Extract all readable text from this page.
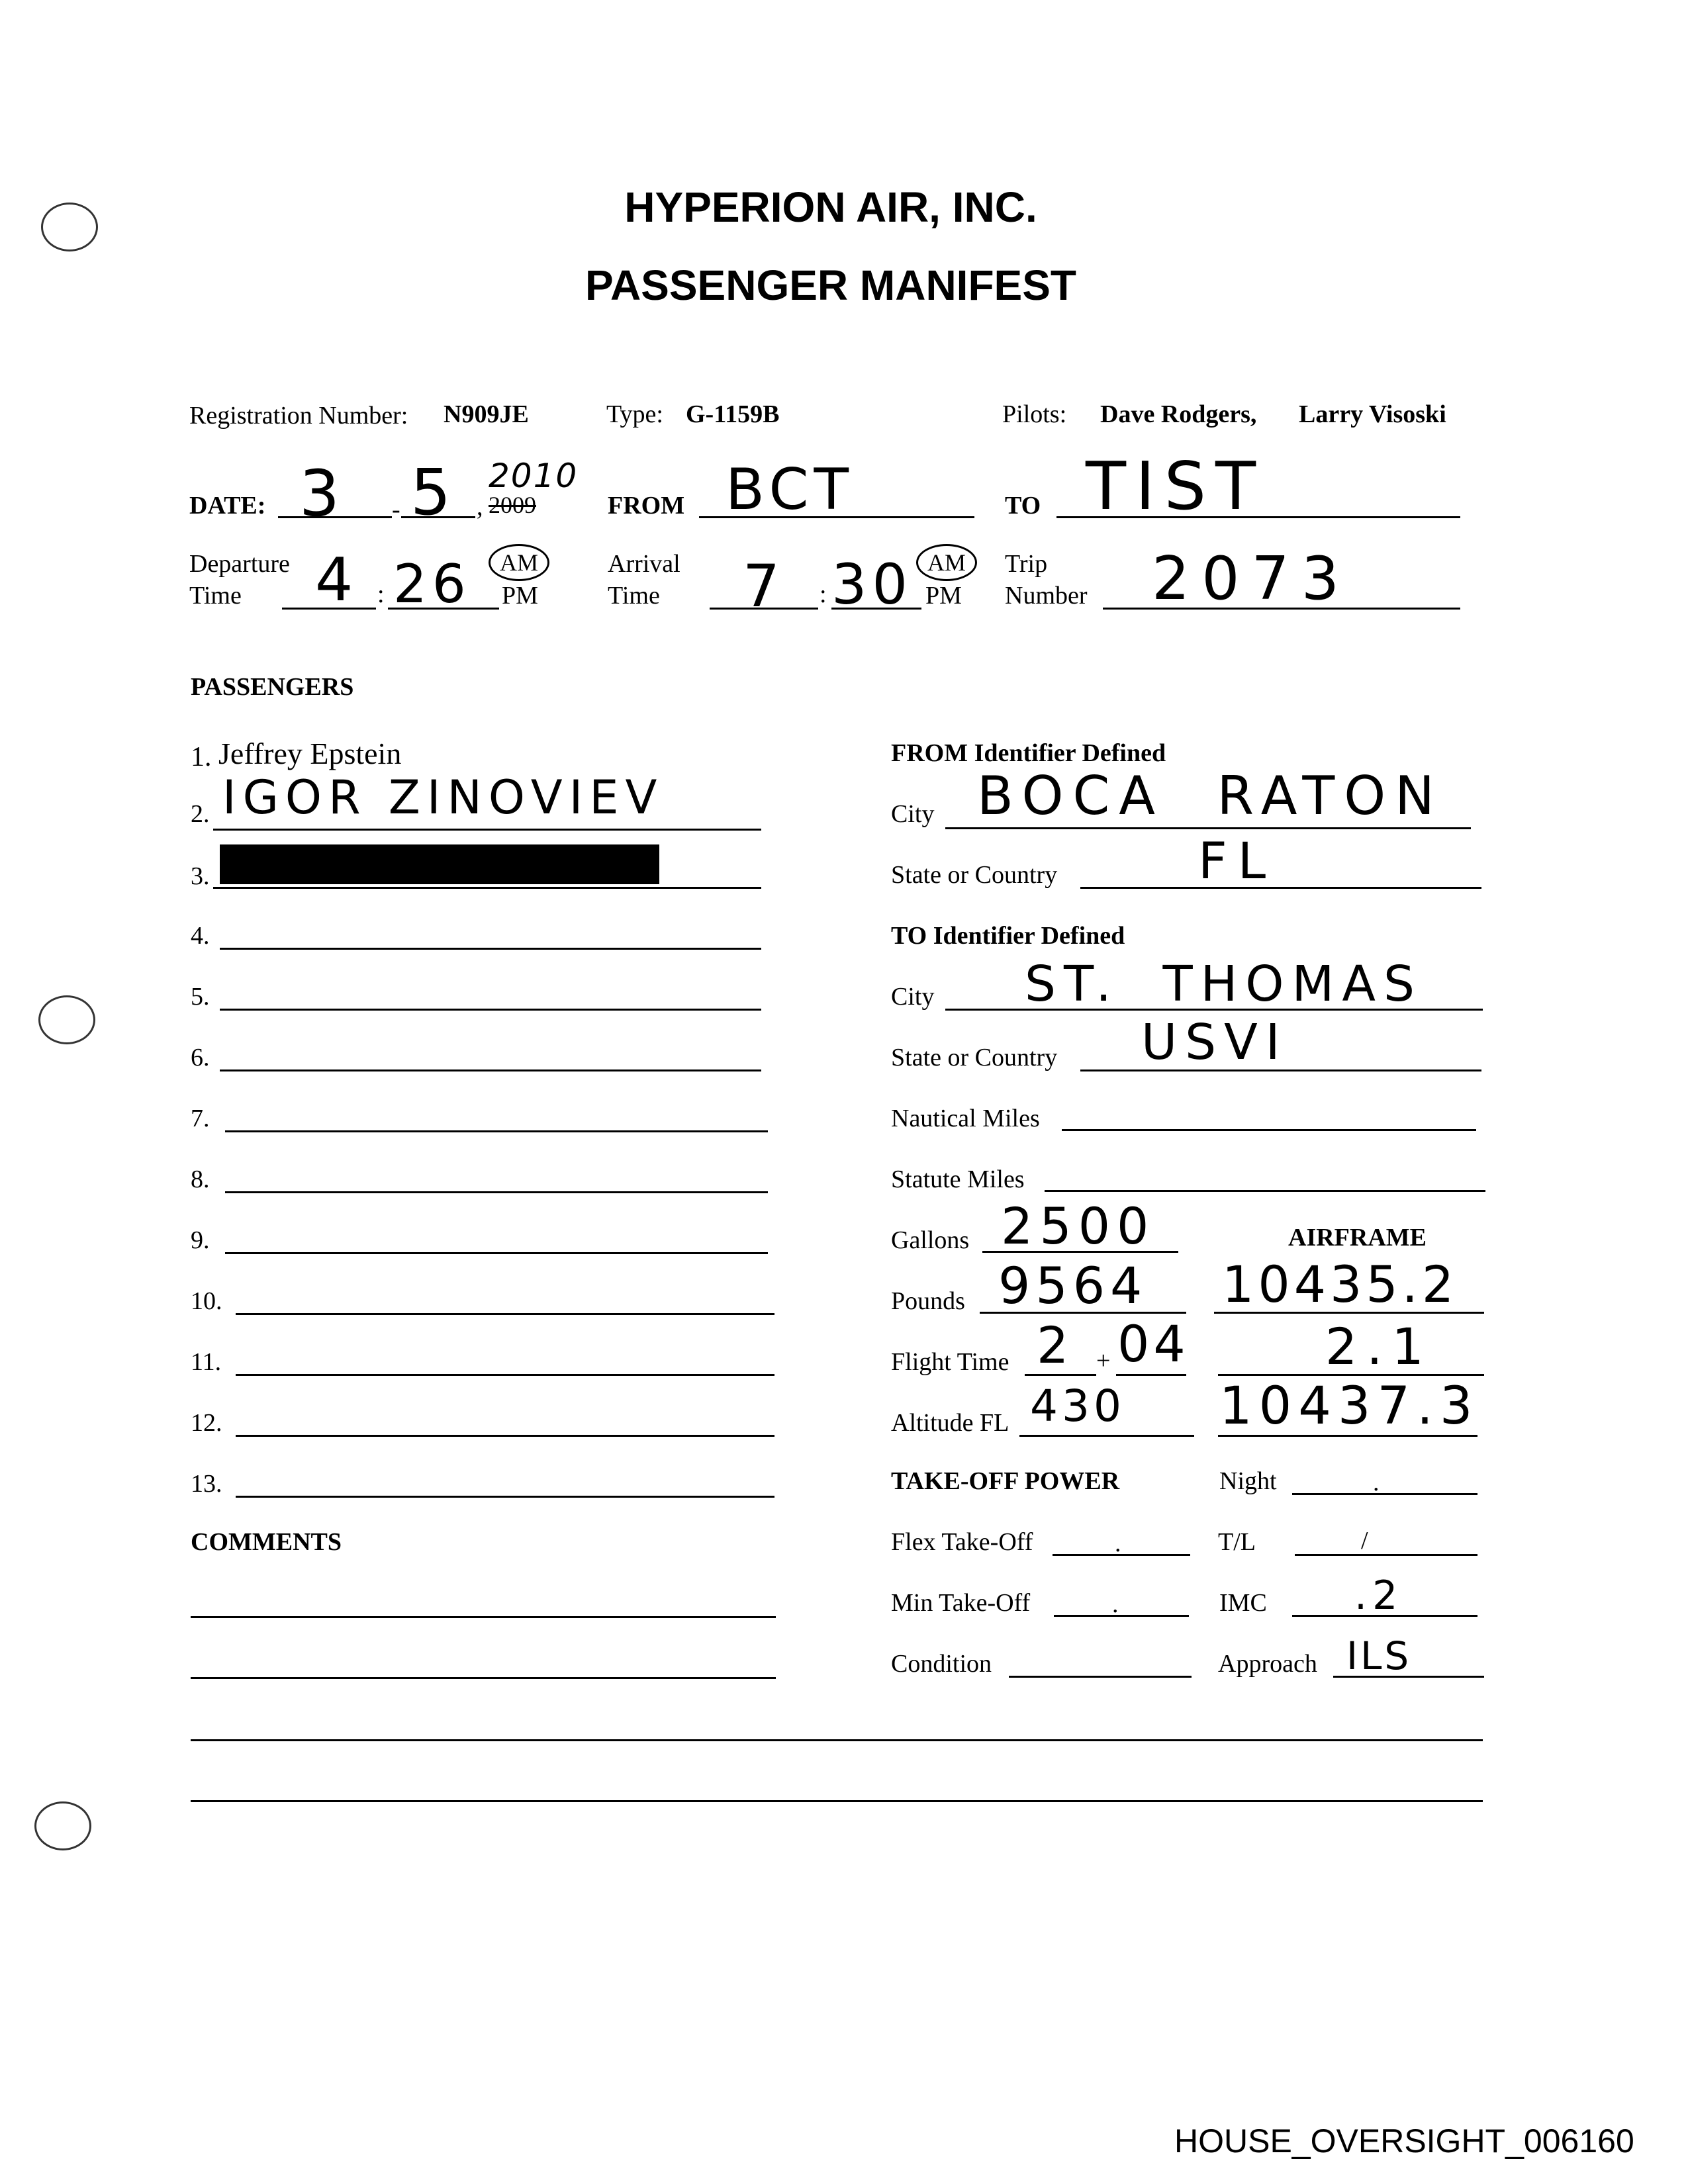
HYPERION AIR, INC.
PASSENGER MANIFEST
Registration Number: N909JE	Type: G-1159B	Pilots: Dave Rodgers, Larry Visoski
DATE: 3 - 5 ,
2010
2009	FROM BCT	TO TIST
Departure
Time 4 : 26	AM
PM
Arrival
Time 7 : 30 AM
PM
Trip
Number 2073
PASSENGERS
1. Jeffrey Epstein
2. IGOR ZINOVIEV
3.
4.
5.
6.
7.
8.
9.
10.
11.
12.
13.
COMMENTS
FROM Identifier Defined
City BOCA RATON
State or Country	FL
TO Identifier Defined
City ST. THOMAS
State or Country USVI
Nautical Miles
Statute Miles
Gallons 2500	AIRFRAME
Pounds 9564 10435.2
Flight Time 2 + 04	2.1
Altitude FL 430 10437.3
TAKE-OFF POWER	Night	.
Flex Take-Off	.	T/L	/
Min Take-Off	.	IMC .2
Condition	Approach ILS
HOUSE_OVERSIGHT_006160
